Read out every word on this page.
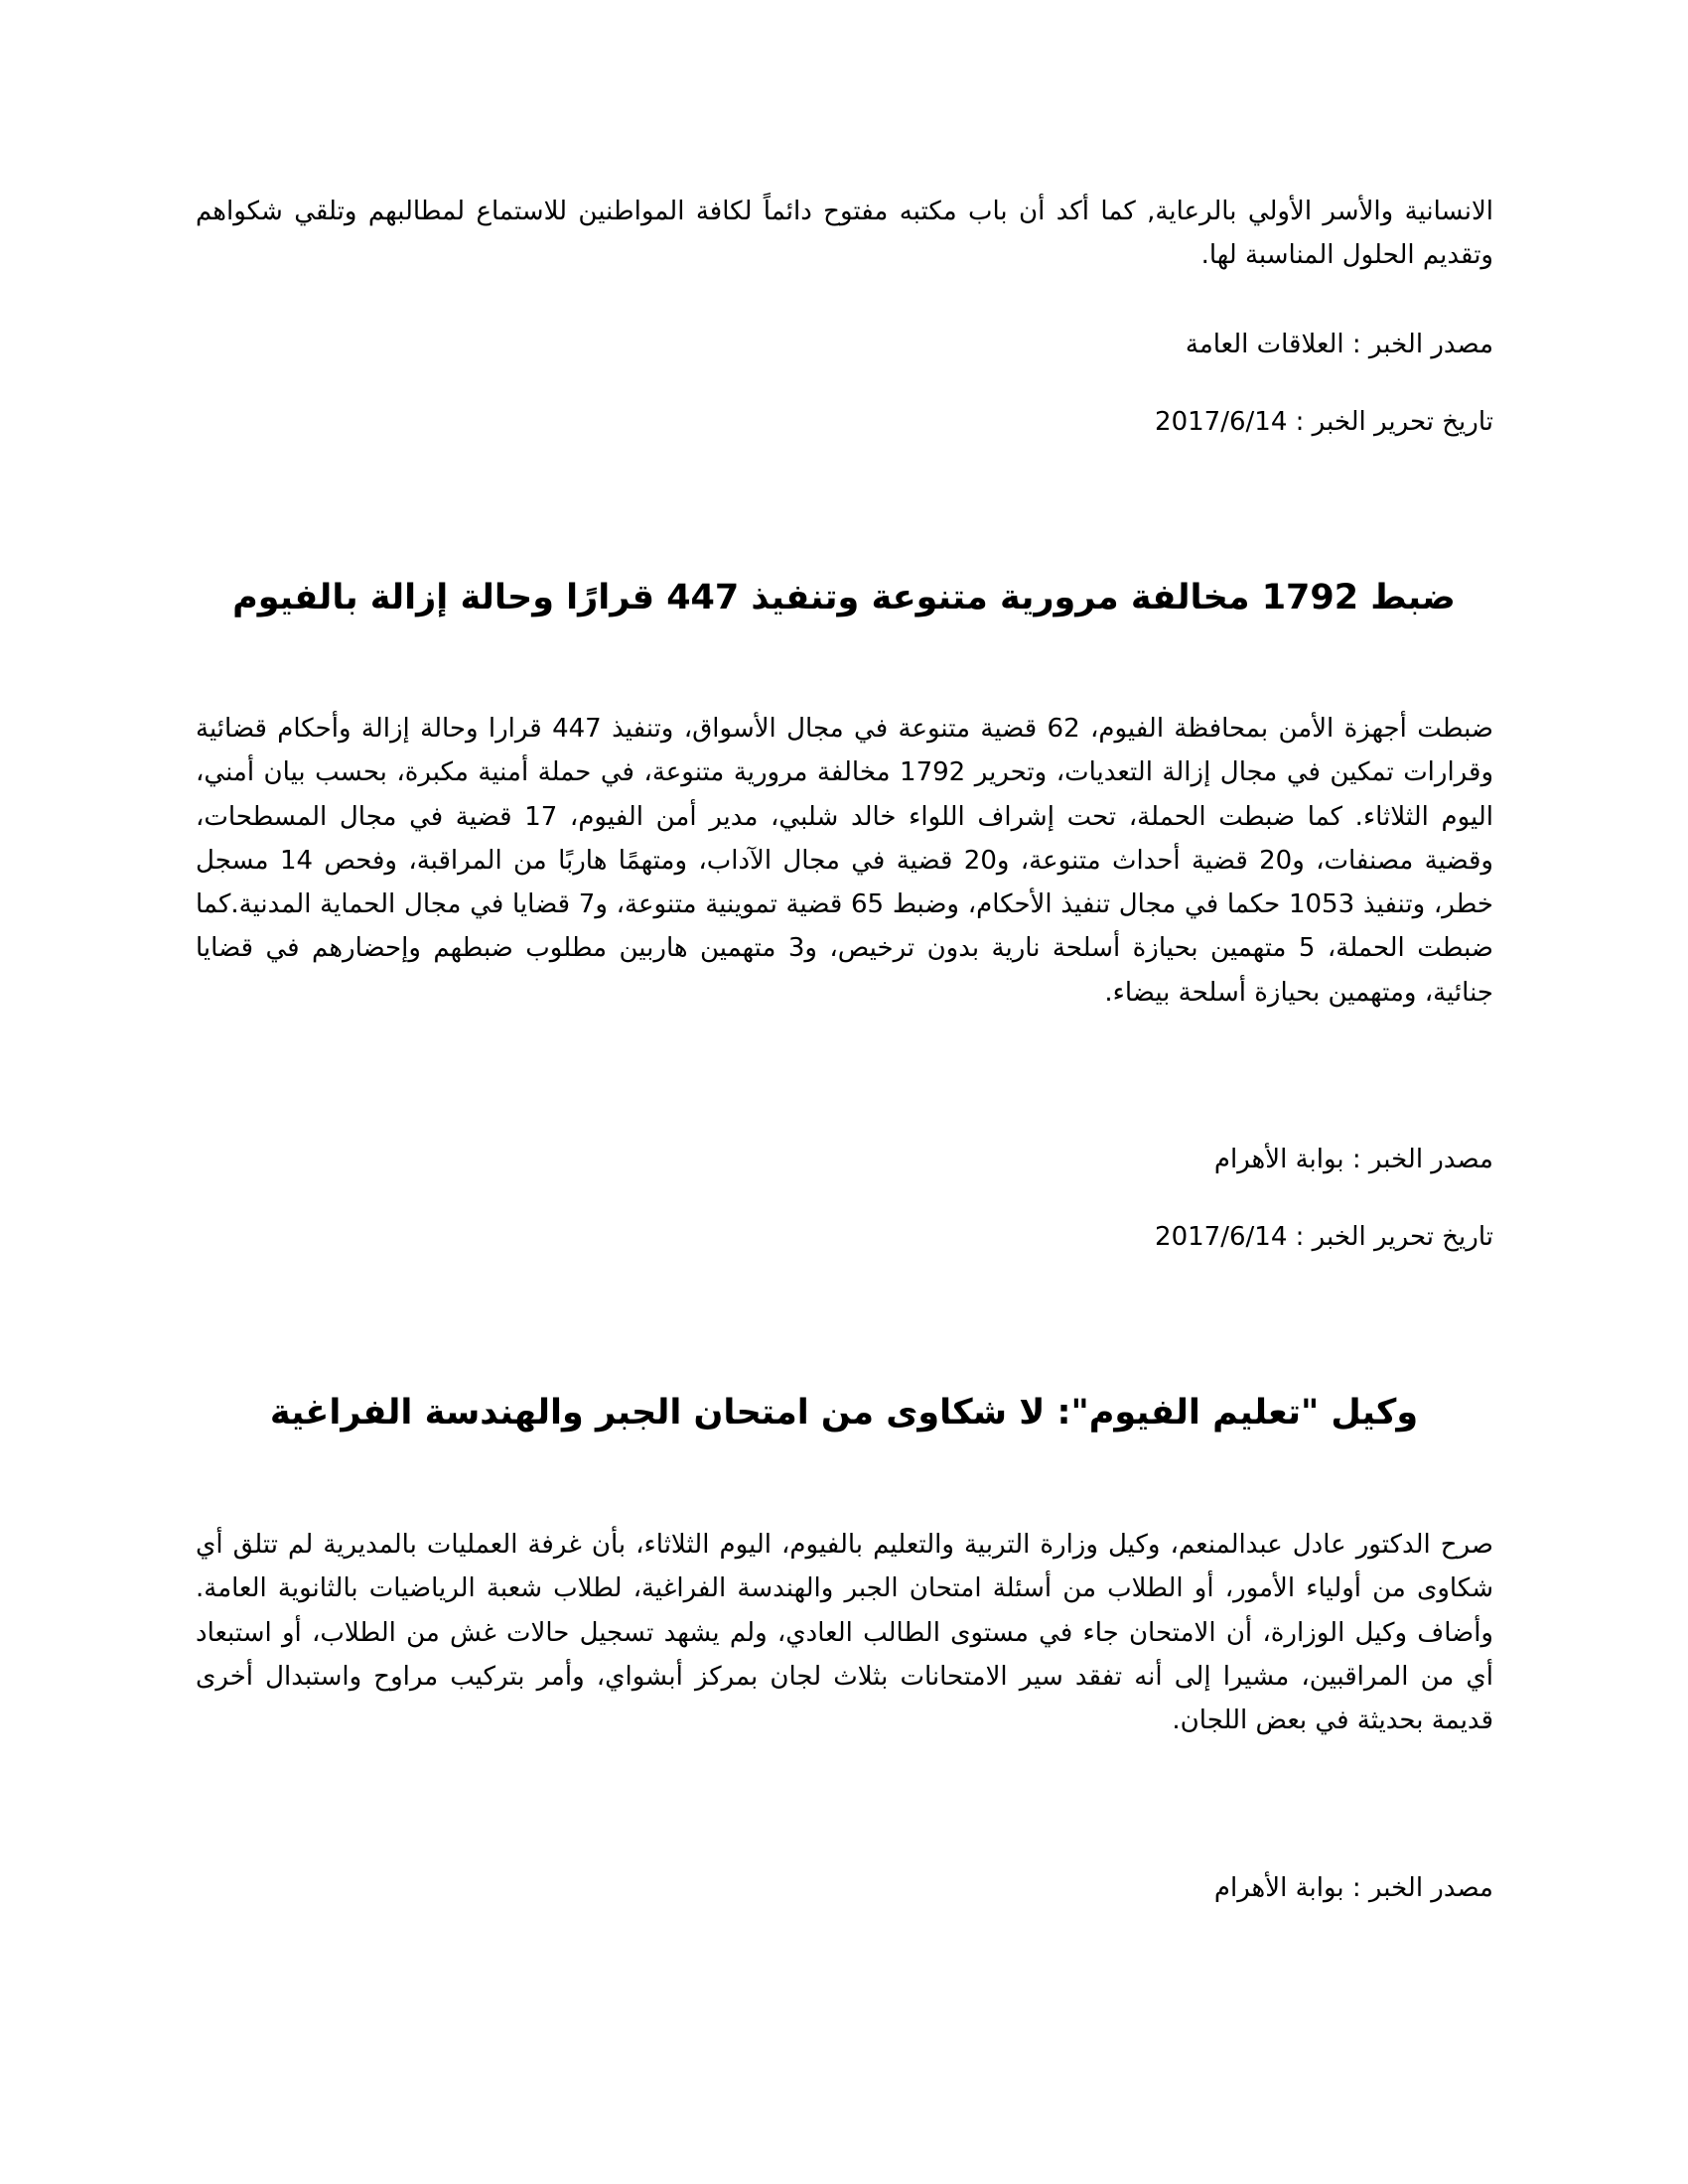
الانسانية والأسر الأولي بالرعاية, كما أكد أن باب مكتبه مفتوح دائماً لكافة المواطنين للاستماع لمطالبهم وتلقي شكواهم وتقديم الحلول المناسبة لها.

مصدر الخبر : العلاقات العامة

تاريخ تحرير الخبر : 2017/6/14

ضبط 1792 مخالفة مرورية متنوعة وتنفيذ 447 قرارًا وحالة إزالة بالفيوم

ضبطت أجهزة الأمن بمحافظة الفيوم، 62 قضية متنوعة في مجال الأسواق، وتنفيذ 447 قرارا وحالة إزالة وأحكام قضائية وقرارات تمكين في مجال إزالة التعديات، وتحرير 1792 مخالفة مرورية متنوعة، في حملة أمنية مكبرة، بحسب بيان أمني، اليوم الثلاثاء. كما ضبطت الحملة، تحت إشراف اللواء خالد شلبي، مدير أمن الفيوم، 17 قضية في مجال المسطحات، وقضية مصنفات، و20 قضية أحداث متنوعة، و20 قضية في مجال الآداب، ومتهمًا هاربًا من المراقبة، وفحص 14 مسجل خطر، وتنفيذ 1053 حكما في مجال تنفيذ الأحكام، وضبط 65 قضية تموينية متنوعة، و7 قضايا في مجال الحماية المدنية.كما ضبطت الحملة، 5 متهمين بحيازة أسلحة نارية بدون ترخيص، و3 متهمين هاربين مطلوب ضبطهم وإحضارهم في قضايا جنائية، ومتهمين بحيازة أسلحة بيضاء.

مصدر الخبر : بوابة الأهرام

تاريخ تحرير الخبر : 2017/6/14

وكيل "تعليم الفيوم": لا شكاوى من امتحان الجبر والهندسة الفراغية

صرح الدكتور عادل عبدالمنعم، وكيل وزارة التربية والتعليم بالفيوم، اليوم الثلاثاء، بأن غرفة العمليات بالمديرية لم تتلق أي شكاوى من أولياء الأمور، أو الطلاب من أسئلة امتحان الجبر والهندسة الفراغية، لطلاب شعبة الرياضيات بالثانوية العامة. وأضاف وكيل الوزارة، أن الامتحان جاء في مستوى الطالب العادي، ولم يشهد تسجيل حالات غش من الطلاب، أو استبعاد أي من المراقبين، مشيرا إلى أنه تفقد سير الامتحانات بثلاث لجان بمركز أبشواي، وأمر بتركيب مراوح واستبدال أخرى قديمة بحديثة في بعض اللجان.

مصدر الخبر : بوابة الأهرام
